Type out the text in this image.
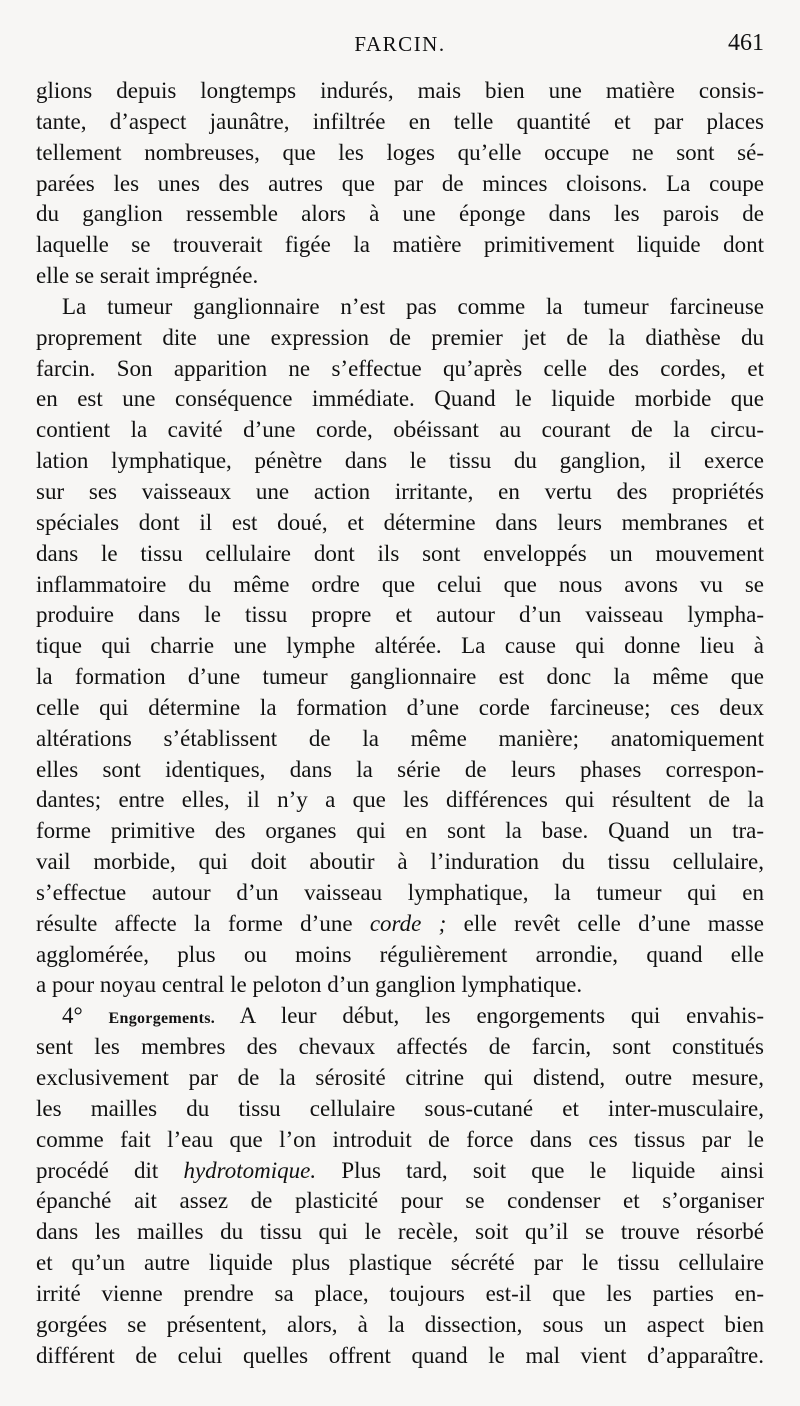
FARCIN.	461
glions depuis longtemps indurés, mais bien une matière consis-
tante, d’aspect jaunâtre, infiltrée en telle quantité et par places
tellement nombreuses, que les loges qu’elle occupe ne sont sé-
parées les unes des autres que par de minces cloisons. La coupe
du ganglion ressemble alors à une éponge dans les parois de
laquelle se trouverait figée la matière primitivement liquide dont
elle se serait imprégnée.
La tumeur ganglionnaire n’est pas comme la tumeur farcineuse
proprement dite une expression de premier jet de la diathèse du
farcin. Son apparition ne s’effectue qu’après celle des cordes, et
en est une conséquence immédiate. Quand le liquide morbide que
contient la cavité d’une corde, obéissant au courant de la circu-
lation lymphatique, pénètre dans le tissu du ganglion, il exerce
sur ses vaisseaux une action irritante, en vertu des propriétés
spéciales dont il est doué, et détermine dans leurs membranes et
dans le tissu cellulaire dont ils sont enveloppés un mouvement
inflammatoire du même ordre que celui que nous avons vu se
produire dans le tissu propre et autour d’un vaisseau lympha-
tique qui charrie une lymphe altérée. La cause qui donne lieu à
la formation d’une tumeur ganglionnaire est donc la même que
celle qui détermine la formation d’une corde farcineuse; ces deux
altérations s’établissent de la même manière; anatomiquement
elles sont identiques, dans la série de leurs phases correspon-
dantes; entre elles, il n’y a que les différences qui résultent de la
forme primitive des organes qui en sont la base. Quand un tra-
vail morbide, qui doit aboutir à l’induration du tissu cellulaire,
s’effectue autour d’un vaisseau lymphatique, la tumeur qui en
résulte affecte la forme d’une corde ; elle revêt celle d’une masse
agglomérée, plus ou moins régulièrement arrondie, quand elle
a pour noyau central le peloton d’un ganglion lymphatique.
4° Engorgements. A leur début, les engorgements qui envahis-
sent les membres des chevaux affectés de farcin, sont constitués
exclusivement par de la sérosité citrine qui distend, outre mesure,
les mailles du tissu cellulaire sous-cutané et inter-musculaire,
comme fait l’eau que l’on introduit de force dans ces tissus par le
procédé dit hydrotomique. Plus tard, soit que le liquide ainsi
épanché ait assez de plasticité pour se condenser et s’organiser
dans les mailles du tissu qui le recèle, soit qu’il se trouve résorbé
et qu’un autre liquide plus plastique sécrété par le tissu cellulaire
irrité vienne prendre sa place, toujours est-il que les parties en-
gorgées se présentent, alors, à la dissection, sous un aspect bien
différent de celui quelles offrent quand le mal vient d’apparaître.
